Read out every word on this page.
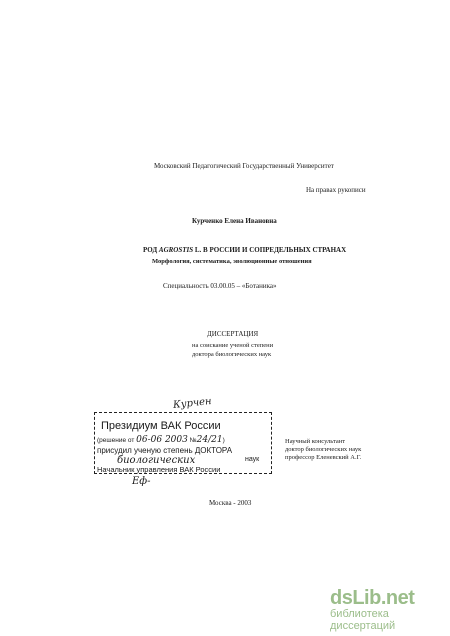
Московский Педагогический Государственный Университет
На правах рукописи
Курченко Елена Ивановна
РОД AGROSTIS L. В РОССИИ И СОПРЕДЕЛЬНЫХ СТРАНАХ
Морфология, систематика, эволюционные отношения
Специальность 03.00.05 – «Ботаника»
ДИССЕРТАЦИЯ
на соискание ученой степени
доктора биологических наук
Курчен
Президиум ВАК России
(решение от 06-06 2003 №24/21)
присудил ученую степень ДОКТОРА
биологических	наук
Начальник управления ВАК России
Еф-
Научный консультант
доктор биологических наук
профессор Еленевский А.Г.
Москва - 2003
dsLib.net
библиотека диссертаций
